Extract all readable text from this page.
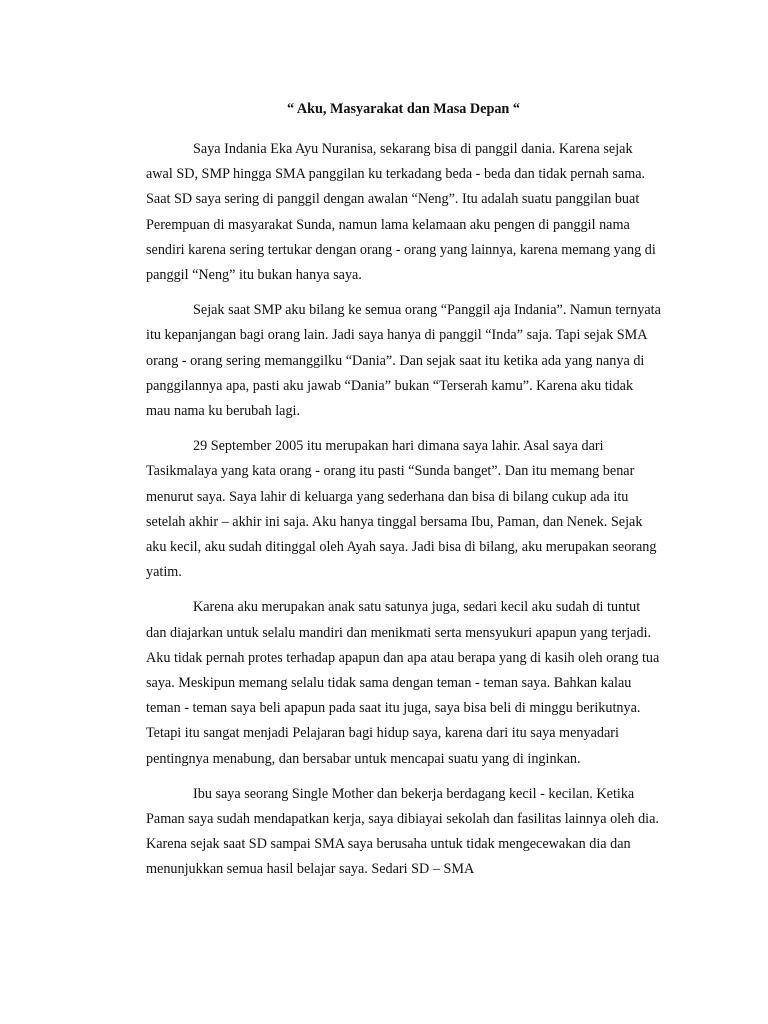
“ Aku, Masyarakat dan Masa Depan “

Saya Indania Eka Ayu Nuranisa, sekarang bisa di panggil dania. Karena sejak awal SD, SMP hingga SMA panggilan ku terkadang beda - beda dan tidak pernah sama. Saat SD saya sering di panggil dengan awalan “Neng”. Itu adalah suatu panggilan buat Perempuan di masyarakat Sunda, namun lama kelamaan aku pengen di panggil nama sendiri karena sering tertukar dengan orang - orang yang lainnya, karena memang yang di panggil “Neng” itu bukan hanya saya.

Sejak saat SMP aku bilang ke semua orang “Panggil aja Indania”. Namun ternyata itu kepanjangan bagi orang lain. Jadi saya hanya di panggil “Inda” saja. Tapi sejak SMA orang - orang sering memanggilku “Dania”. Dan sejak saat itu ketika ada yang nanya di panggilannya apa, pasti aku jawab “Dania” bukan “Terserah kamu”. Karena aku tidak mau nama ku berubah lagi.

29 September 2005 itu merupakan hari dimana saya lahir. Asal saya dari Tasikmalaya yang kata orang - orang itu pasti “Sunda banget”. Dan itu memang benar menurut saya. Saya lahir di keluarga yang sederhana dan bisa di bilang cukup ada itu setelah akhir – akhir ini saja. Aku hanya tinggal bersama Ibu, Paman, dan Nenek. Sejak aku kecil, aku sudah ditinggal oleh Ayah saya. Jadi bisa di bilang, aku merupakan seorang yatim.

Karena aku merupakan anak satu satunya juga, sedari kecil aku sudah di tuntut dan diajarkan untuk selalu mandiri dan menikmati serta mensyukuri apapun yang terjadi. Aku tidak pernah protes terhadap apapun dan apa atau berapa yang di kasih oleh orang tua saya. Meskipun memang selalu tidak sama dengan teman - teman saya. Bahkan kalau teman - teman saya beli apapun pada saat itu juga, saya bisa beli di minggu berikutnya. Tetapi itu sangat menjadi Pelajaran bagi hidup saya, karena dari itu saya menyadari pentingnya menabung, dan bersabar untuk mencapai suatu yang di inginkan.

Ibu saya seorang Single Mother dan bekerja berdagang kecil - kecilan. Ketika Paman saya sudah mendapatkan kerja, saya dibiayai sekolah dan fasilitas lainnya oleh dia. Karena sejak saat SD sampai SMA saya berusaha untuk tidak mengecewakan dia dan menunjukkan semua hasil belajar saya. Sedari SD – SMA
